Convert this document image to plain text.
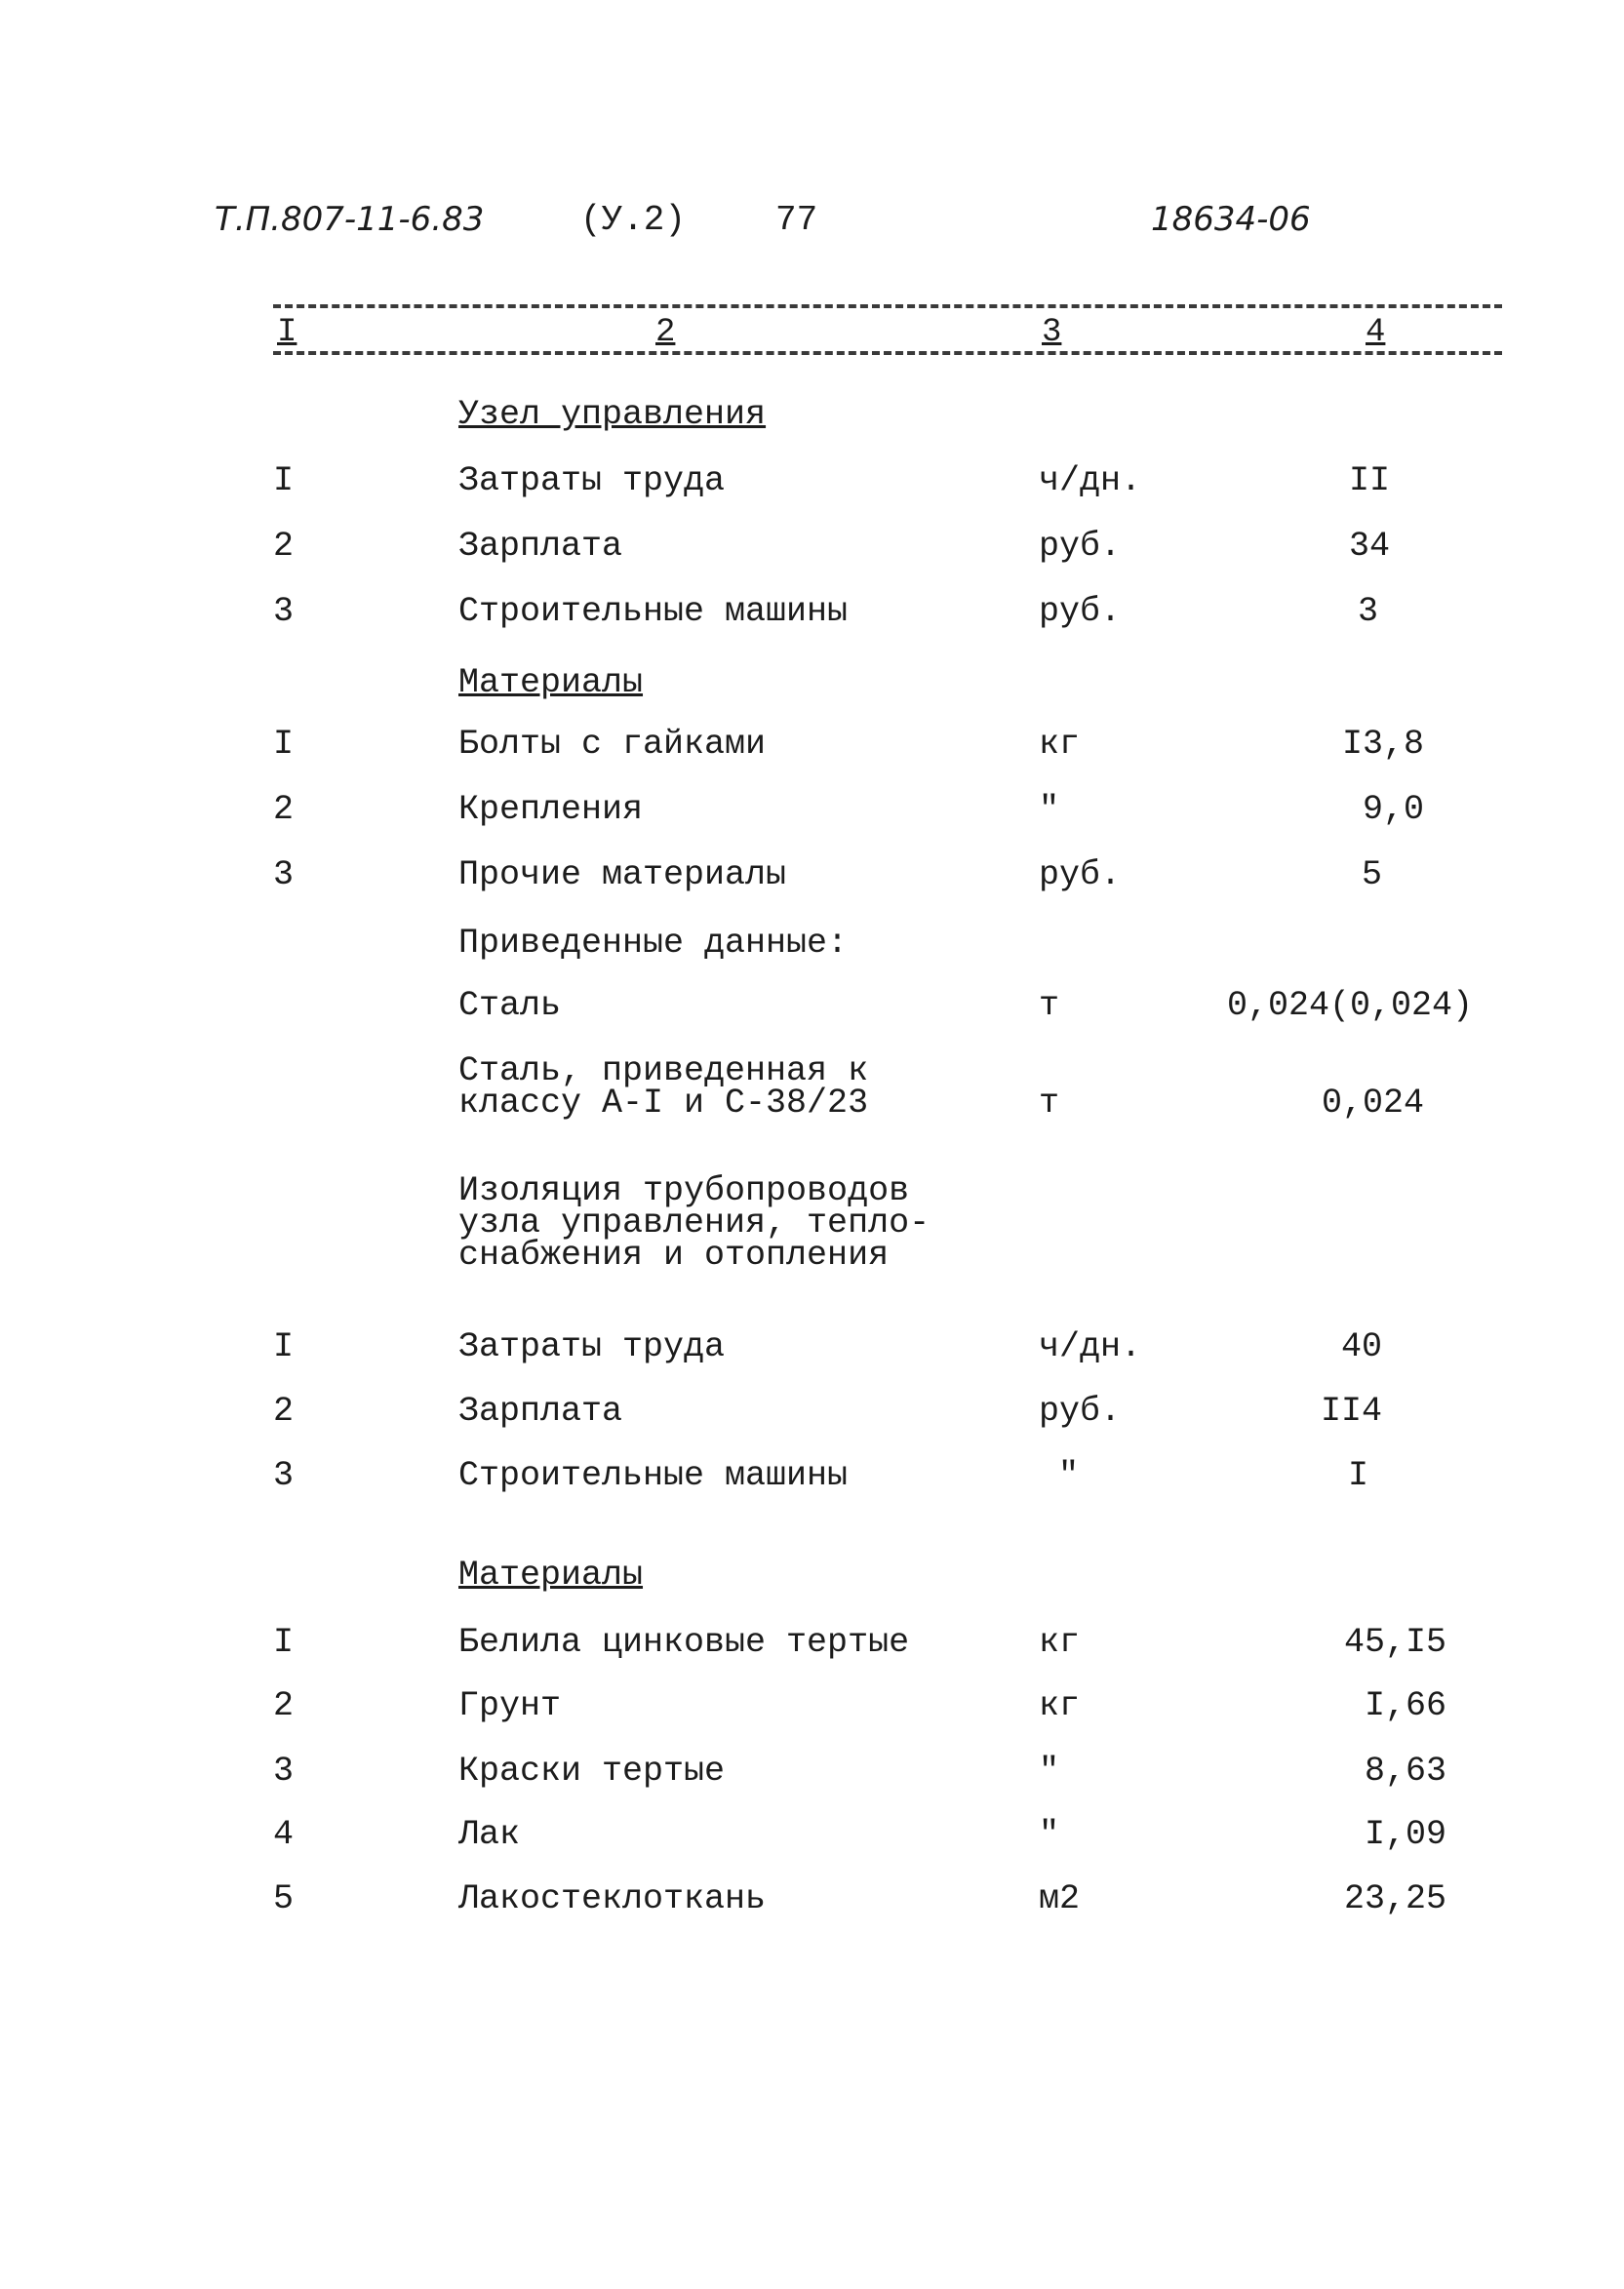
Т.П.807-11-6.83	(У.2)	77	18634-06
I	2	3	4
Узел управления
I	Затраты труда	ч/дн.	II
2	Зарплата	руб.	34
3	Строительные машины	руб.	3
Материалы
I	Болты с гайками	кг	I3,8
2	Крепления	"	9,0
3	Прочие материалы	руб.	5
Приведенные данные:
Сталь	т	0,024(0,024)
Сталь, приведенная к
классу А-I и С-38/23	т	0,024
Изоляция трубопроводов
узла управления, тепло-
снабжения и отопления
I	Затраты труда	ч/дн.	40
2	Зарплата	руб.	II4
3	Строительные машины	"	I
Материалы
I	Белила цинковые тертые	кг	45,I5
2	Грунт	кг	I,66
3	Краски тертые	"	8,63
4	Лак	"	I,09
5	Лакостеклоткань	м2	23,25
